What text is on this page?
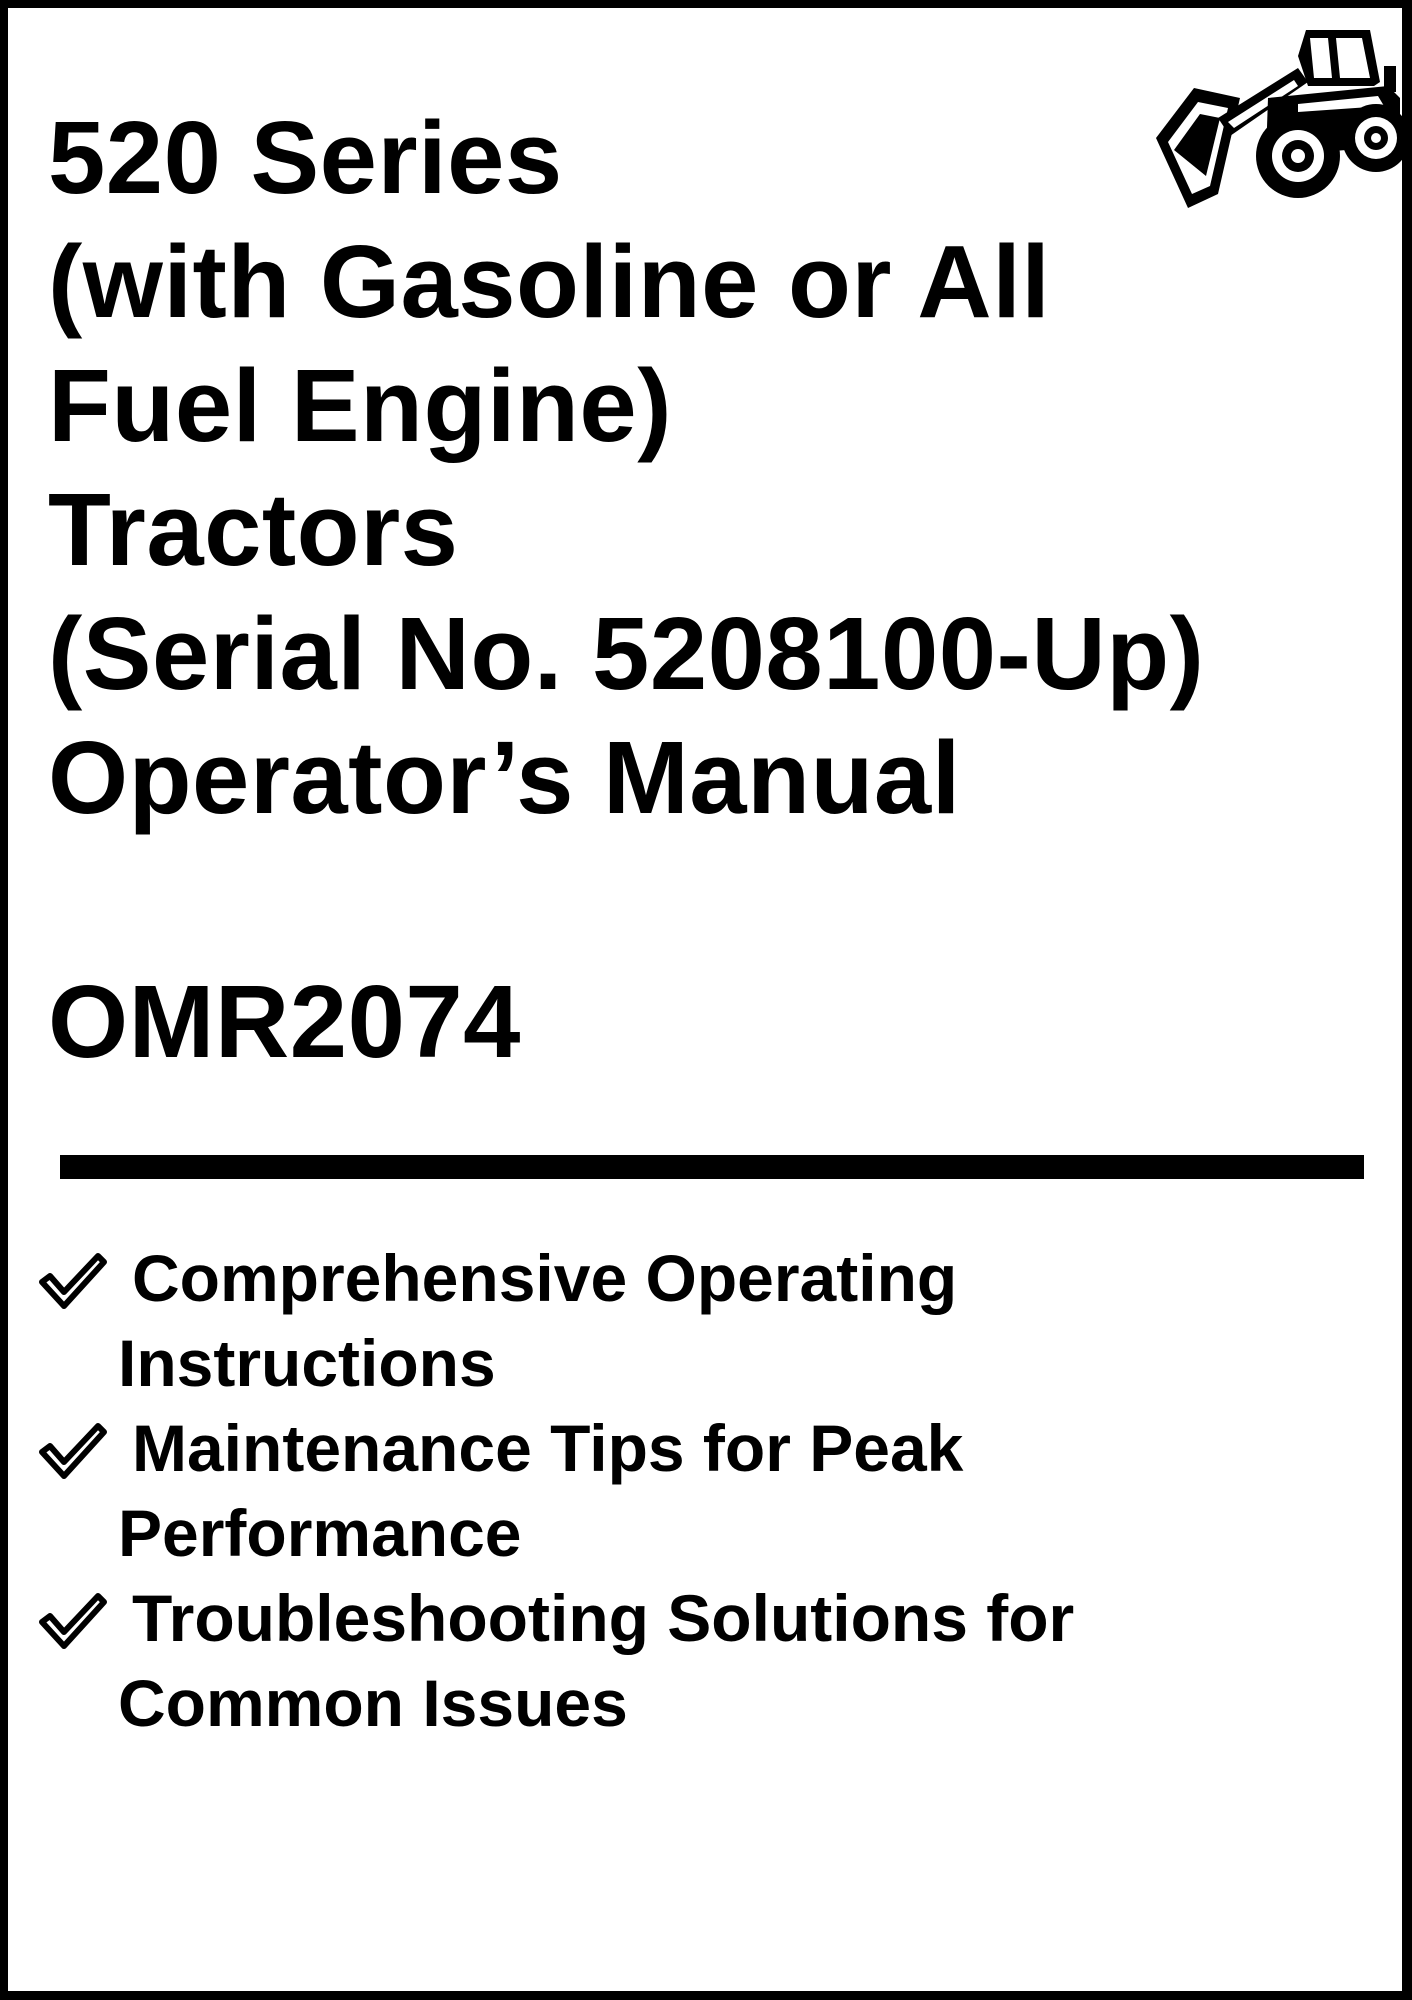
520 Series
(with Gasoline or All
Fuel Engine)
Tractors
(Serial No. 5208100-Up)
Operator’s Manual
OMR2074
Comprehensive Operating
Instructions
Maintenance Tips for Peak
Performance
Troubleshooting Solutions for
Common Issues
